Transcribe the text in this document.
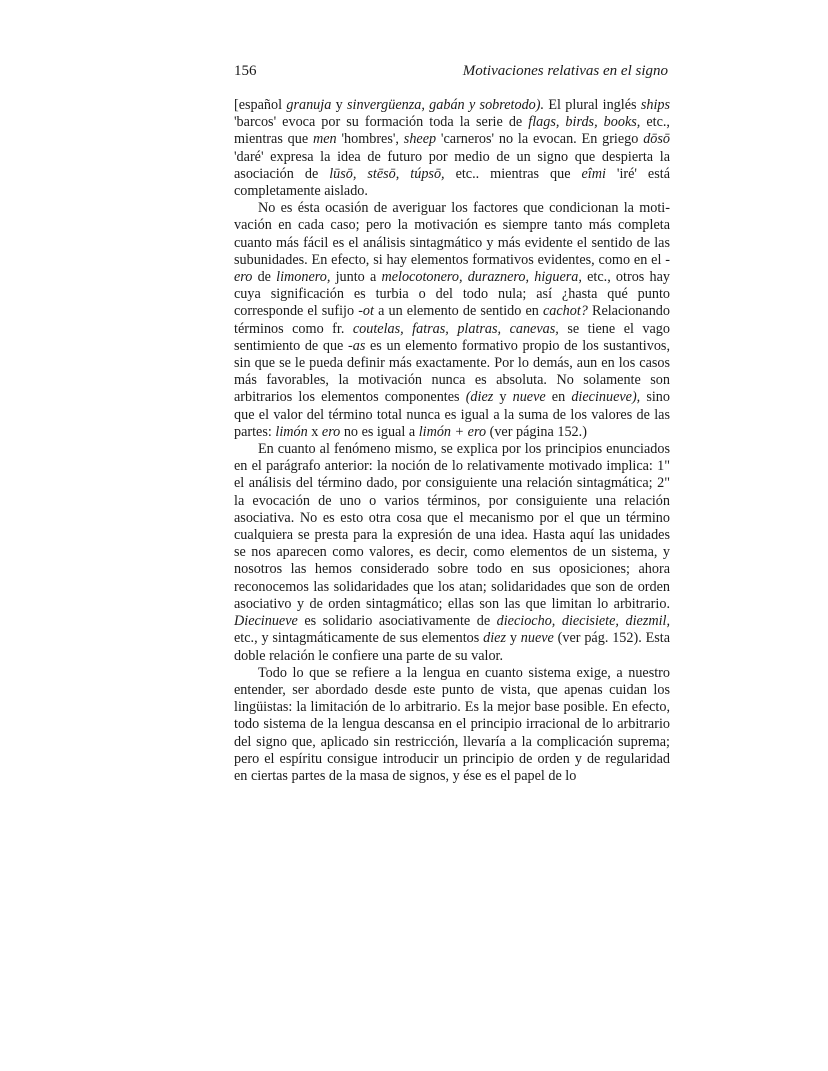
156	Motivaciones relativas en el signo

[español granuja y sinvergüenza, gabán y sobretodo). El plural inglés ships 'barcos' evoca por su formación toda la serie de flags, birds, books, etc., mientras que men 'hombres', sheep 'carneros' no la evocan. En griego dōsō 'daré' expresa la idea de futuro por medio de un signo que despierta la asociación de lūsō, stēsō, túpsō, etc.. mientras que eîmi 'iré' está completamente aislado.

No es ésta ocasión de averiguar los factores que condicionan la motivación en cada caso; pero la motivación es siempre tanto más completa cuanto más fácil es el análisis sintagmático y más evidente el sentido de las subunidades. En efecto, si hay elementos formativos evidentes, como en el -ero de limonero, junto a melocotonero, duraznero, higuera, etc., otros hay cuya significación es turbia o del todo nula; así ¿hasta qué punto corresponde el sufijo -ot a un elemento de sentido en cachot? Relacionando términos como fr. coutelas, fatras, platras, canevas, se tiene el vago sentimiento de que -as es un elemento formativo propio de los sustantivos, sin que se le pueda definir más exactamente. Por lo demás, aun en los casos más favorables, la motivación nunca es absoluta. No solamente son arbitrarios los elementos componentes (diez y nueve en diecinueve), sino que el valor del término total nunca es igual a la suma de los valores de las partes: limón x ero no es igual a limón + ero (ver página 152.)

En cuanto al fenómeno mismo, se explica por los principios enunciados en el parágrafo anterior: la noción de lo relativamente motivado implica: 1" el análisis del término dado, por consiguiente una relación sintagmática; 2" la evocación de uno o varios términos, por consiguiente una relación asociativa. No es esto otra cosa que el mecanismo por el que un término cualquiera se presta para la expresión de una idea. Hasta aquí las unidades se nos aparecen como valores, es decir, como elementos de un sistema, y nosotros las hemos considerado sobre todo en sus oposiciones; ahora reconocemos las solidaridades que los atan; solidaridades que son de orden asociativo y de orden sintagmático; ellas son las que limitan lo arbitrario. Diecinueve es solidario asociativamente de dieciocho, diecisiete, diezmil, etc., y sintagmáticamente de sus elementos diez y nueve (ver pág. 152). Esta doble relación le confiere una parte de su valor.

Todo lo que se refiere a la lengua en cuanto sistema exige, a nuestro entender, ser abordado desde este punto de vista, que apenas cuidan los lingüistas: la limitación de lo arbitrario. Es la mejor base posible. En efecto, todo sistema de la lengua descansa en el principio irracional de lo arbitrario del signo que, aplicado sin restricción, llevaría a la complicación suprema; pero el espíritu consigue introducir un principio de orden y de regularidad en ciertas partes de la masa de signos, y ése es el papel de lo
